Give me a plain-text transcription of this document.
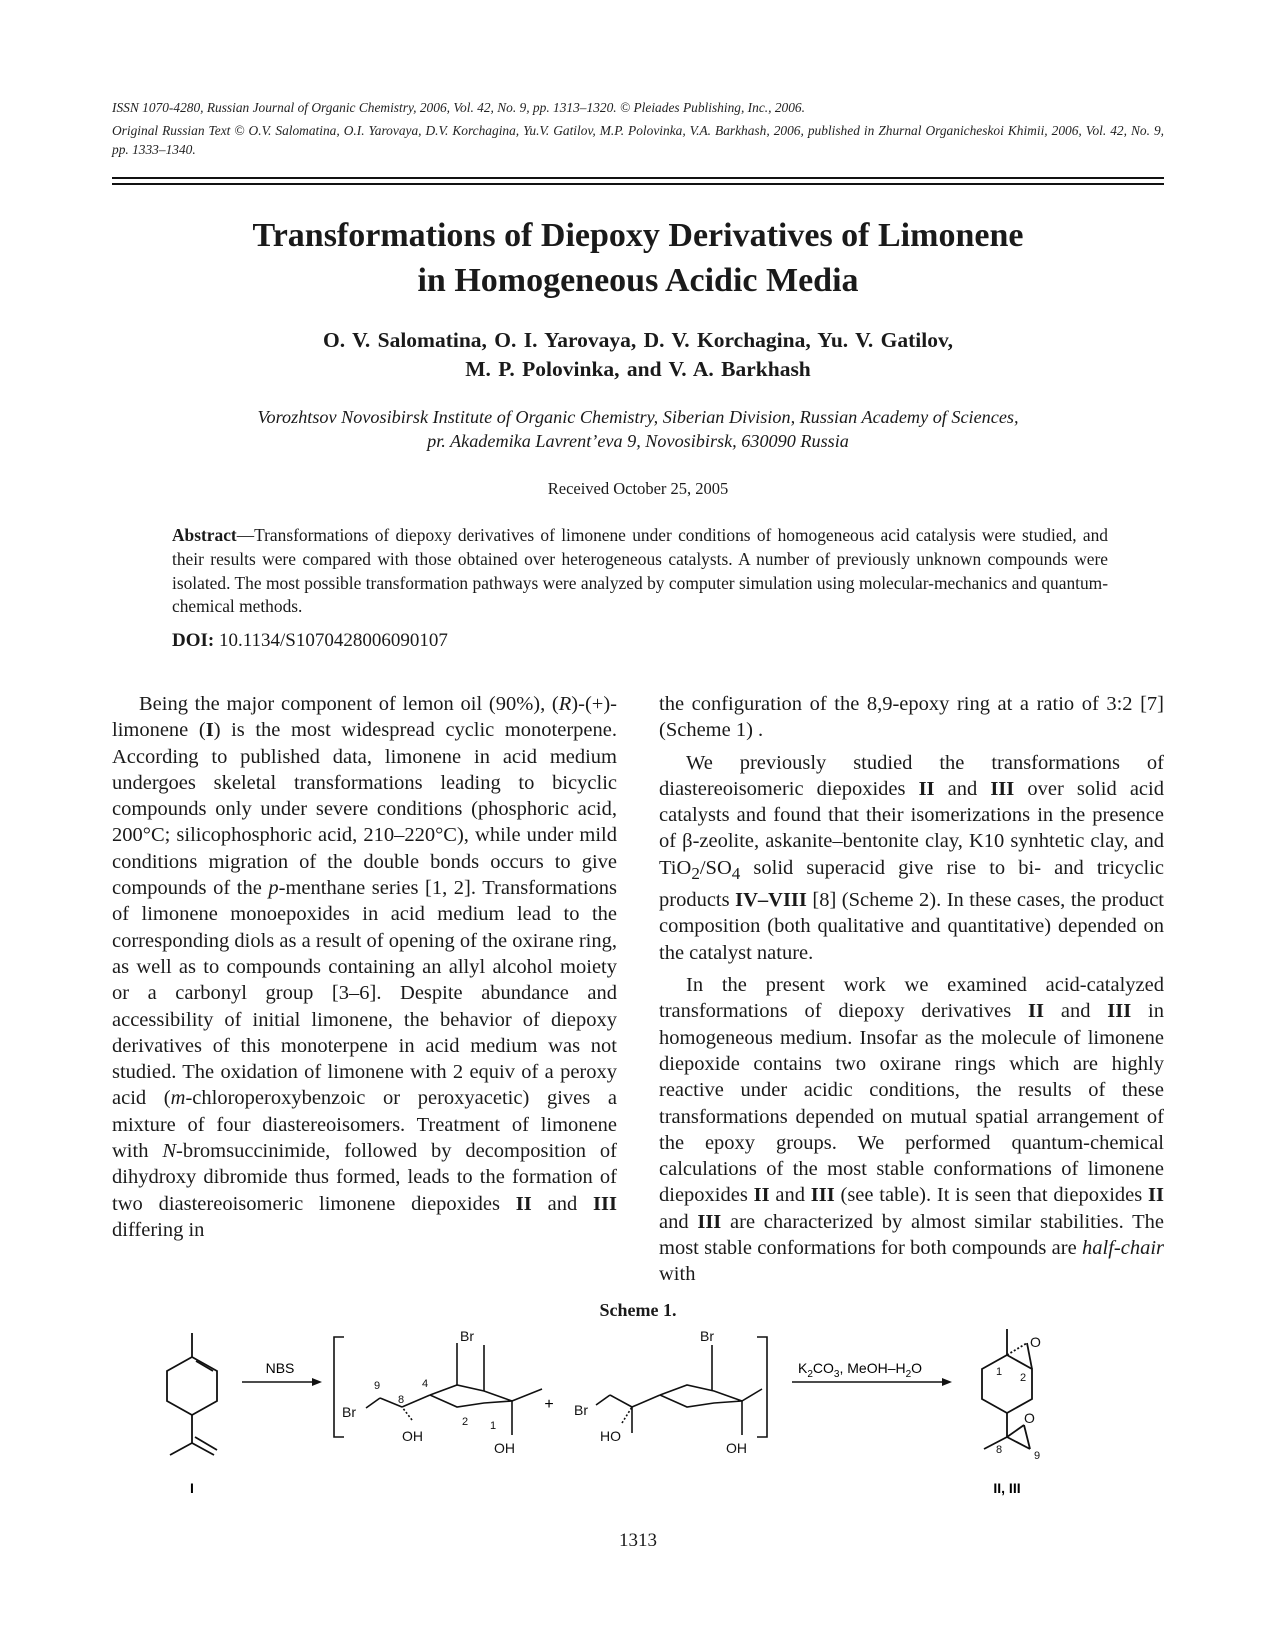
ISSN 1070-4280, Russian Journal of Organic Chemistry, 2006, Vol. 42, No. 9, pp. 1313–1320. © Pleiades Publishing, Inc., 2006.
Original Russian Text © O.V. Salomatina, O.I. Yarovaya, D.V. Korchagina, Yu.V. Gatilov, M.P. Polovinka, V.A. Barkhash, 2006, published in Zhurnal Organicheskoi Khimii, 2006, Vol. 42, No. 9, pp. 1333–1340.
Transformations of Diepoxy Derivatives of Limonene
in Homogeneous Acidic Media
O. V. Salomatina, O. I. Yarovaya, D. V. Korchagina, Yu. V. Gatilov,
M. P. Polovinka, and V. A. Barkhash
Vorozhtsov Novosibirsk Institute of Organic Chemistry, Siberian Division, Russian Academy of Sciences,
pr. Akademika Lavrent’eva 9, Novosibirsk, 630090 Russia
Received October 25, 2005
Abstract—Transformations of diepoxy derivatives of limonene under conditions of homogeneous acid catalysis were studied, and their results were compared with those obtained over heterogeneous catalysts. A number of previously unknown compounds were isolated. The most possible transformation pathways were analyzed by computer simulation using molecular-mechanics and quantum-chemical methods.
DOI: 10.1134/S1070428006090107

Being the major component of lemon oil (90%), (R)-(+)-limonene (I) is the most widespread cyclic monoterpene. According to published data, limonene in acid medium undergoes skeletal transformations leading to bicyclic compounds only under severe conditions (phosphoric acid, 200°C; silicophosphoric acid, 210–220°C), while under mild conditions migration of the double bonds occurs to give compounds of the p-menthane series [1, 2]. Transformations of limonene monoepoxides in acid medium lead to the corresponding diols as a result of opening of the oxirane ring, as well as to compounds containing an allyl alcohol moiety or a carbonyl group [3–6]. Despite abundance and accessibility of initial limonene, the behavior of diepoxy derivatives of this monoterpene in acid medium was not studied. The oxidation of limonene with 2 equiv of a peroxy acid (m-chloroperoxybenzoic or peroxyacetic) gives a mixture of four diastereoisomers. Treatment of limonene with N-bromsuccinimide, followed by decomposition of dihydroxy dibromide thus formed, leads to the formation of two diastereoisomeric limonene diepoxides II and III differing in

the configuration of the 8,9-epoxy ring at a ratio of 3:2 [7] (Scheme 1) .

We previously studied the transformations of diastereoisomeric diepoxides II and III over solid acid catalysts and found that their isomerizations in the presence of β-zeolite, askanite–bentonite clay, K10 synhtetic clay, and $TiO_2/SO_4$ solid superacid give rise to bi- and tricyclic products IV–VIII [8] (Scheme 2). In these cases, the product composition (both qualitative and quantitative) depended on the catalyst nature.

In the present work we examined acid-catalyzed transformations of diepoxy derivatives II and III in homogeneous medium. Insofar as the molecule of limonene diepoxide contains two oxirane rings which are highly reactive under acidic conditions, the results of these transformations depended on mutual spatial arrangement of the epoxy groups. We performed quantum-chemical calculations of the most stable conformations of limonene diepoxides II and III (see table). It is seen that diepoxides II and III are characterized by almost similar stabilities. The most stable conformations for both compounds are half-chair with

Scheme 1.
I
NBS
Br
OH
OH
Br
9
8
4
2 1
+ Br
HO
OH
Br
$K_2CO_3$, MeOH–$H_2O$
O
O
1 2
8	9
II, III
1313
